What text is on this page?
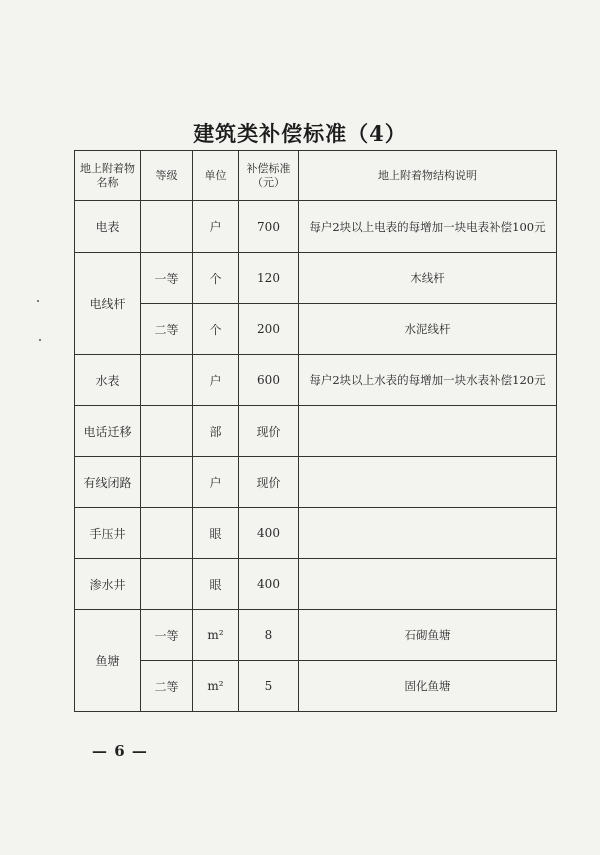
建筑类补偿标准（4）
地上附着物名称	等级	单位	补偿标准（元）	地上附着物结构说明
电表		户	700	每户2块以上电表的每增加一块电表补偿100元
电线杆	一等	个	120	木线杆
	二等	个	200	水泥线杆
水表		户	600	每户2块以上水表的每增加一块水表补偿120元
电话迁移		部	现价	
有线闭路		户	现价	
手压井		眼	400	
渗水井		眼	400	
鱼塘	一等	m²	8	石砌鱼塘
	二等	m²	5	固化鱼塘
— 6 —
